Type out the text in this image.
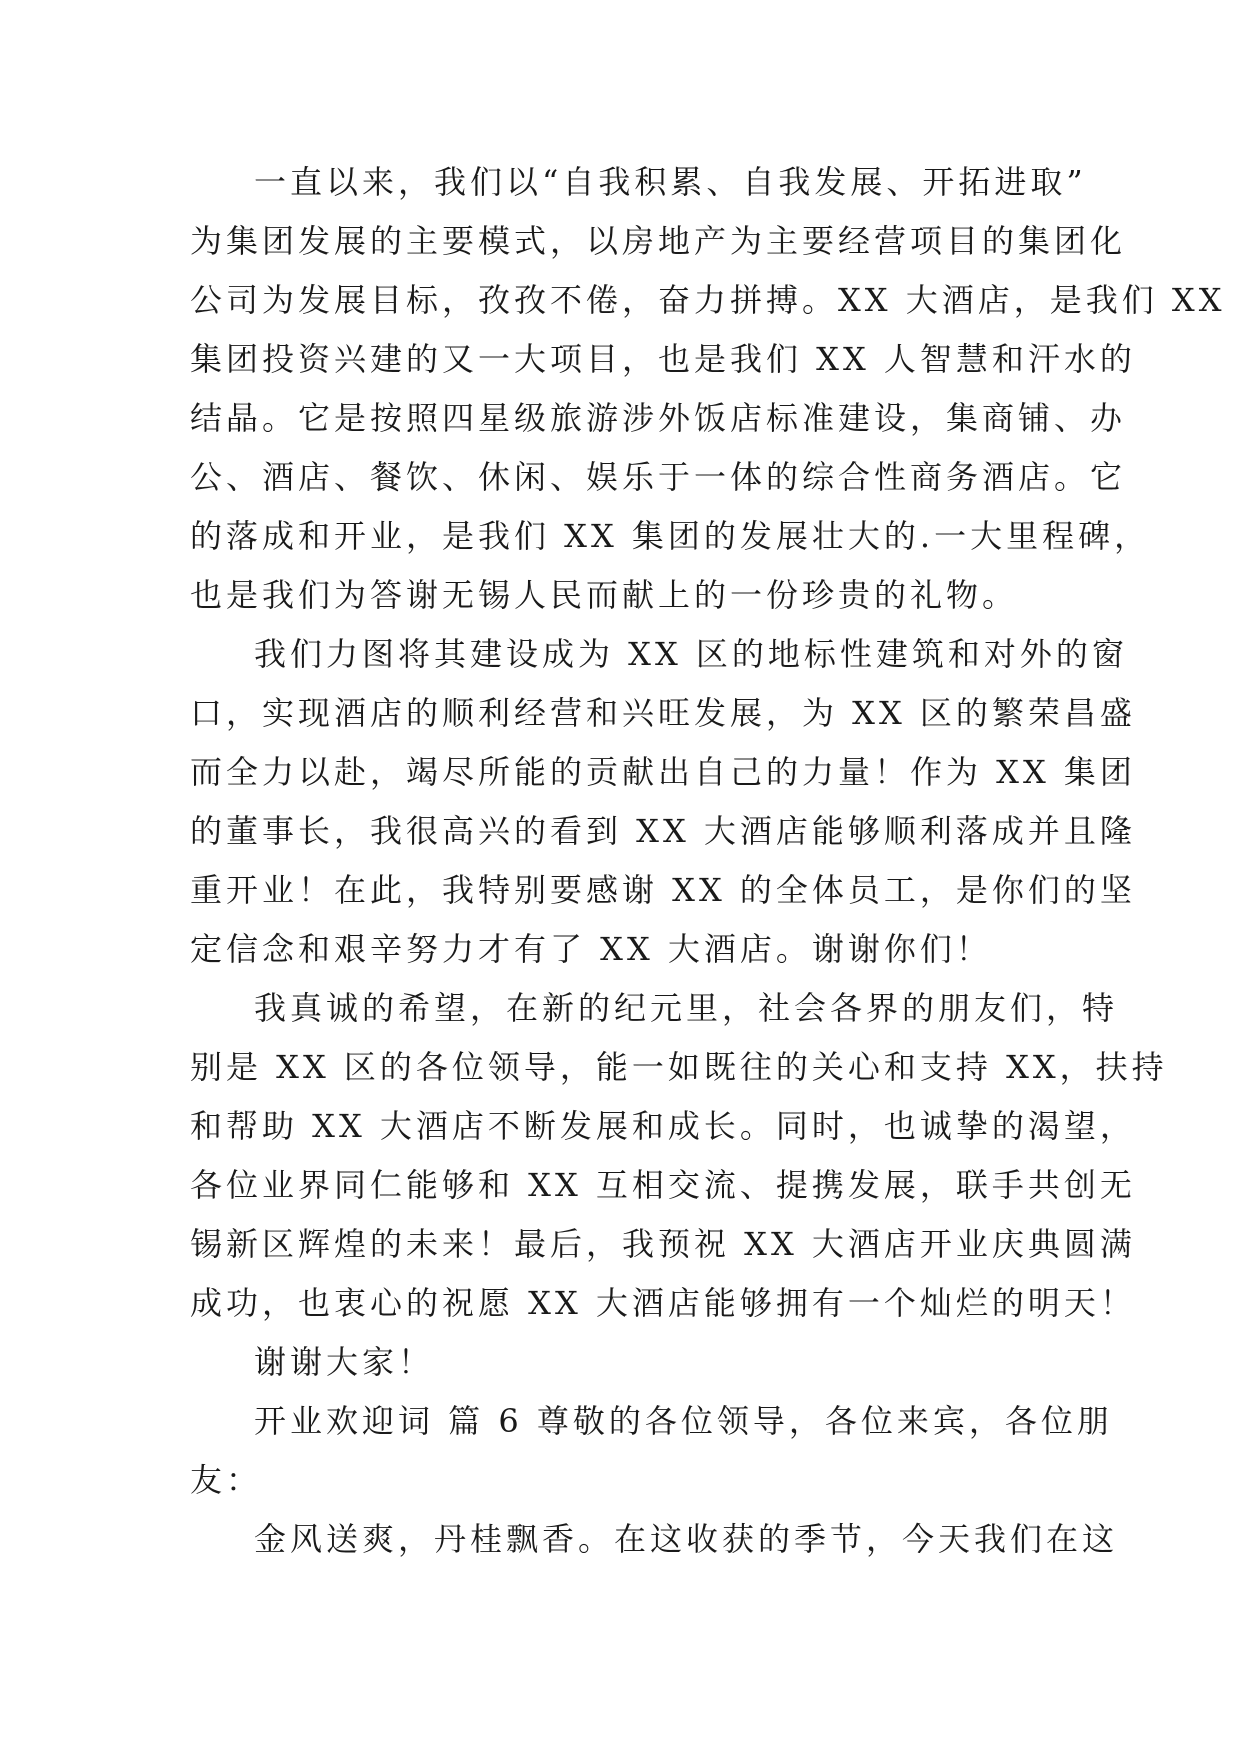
一直以来，我们以“自我积累、自我发展、开拓进取”
为集团发展的主要模式，以房地产为主要经营项目的集团化
公司为发展目标，孜孜不倦，奋力拼搏。XX 大酒店，是我们 XX
集团投资兴建的又一大项目，也是我们 XX 人智慧和汗水的
结晶。它是按照四星级旅游涉外饭店标准建设，集商铺、办
公、酒店、餐饮、休闲、娱乐于一体的综合性商务酒店。它
的落成和开业，是我们 XX 集团的发展壮大的.一大里程碑，
也是我们为答谢无锡人民而献上的一份珍贵的礼物。
我们力图将其建设成为 XX 区的地标性建筑和对外的窗
口，实现酒店的顺利经营和兴旺发展，为 XX 区的繁荣昌盛
而全力以赴，竭尽所能的贡献出自己的力量！作为 XX 集团
的董事长，我很高兴的看到 XX 大酒店能够顺利落成并且隆
重开业！在此，我特别要感谢 XX 的全体员工，是你们的坚
定信念和艰辛努力才有了 XX 大酒店。谢谢你们！
我真诚的希望，在新的纪元里，社会各界的朋友们，特
别是 XX 区的各位领导，能一如既往的关心和支持 XX，扶持
和帮助 XX 大酒店不断发展和成长。同时，也诚挚的渴望，
各位业界同仁能够和 XX 互相交流、提携发展，联手共创无
锡新区辉煌的未来！最后，我预祝 XX 大酒店开业庆典圆满
成功，也衷心的祝愿 XX 大酒店能够拥有一个灿烂的明天！
谢谢大家！
开业欢迎词 篇 6 尊敬的各位领导，各位来宾，各位朋
友：
金风送爽，丹桂飘香。在这收获的季节，今天我们在这
